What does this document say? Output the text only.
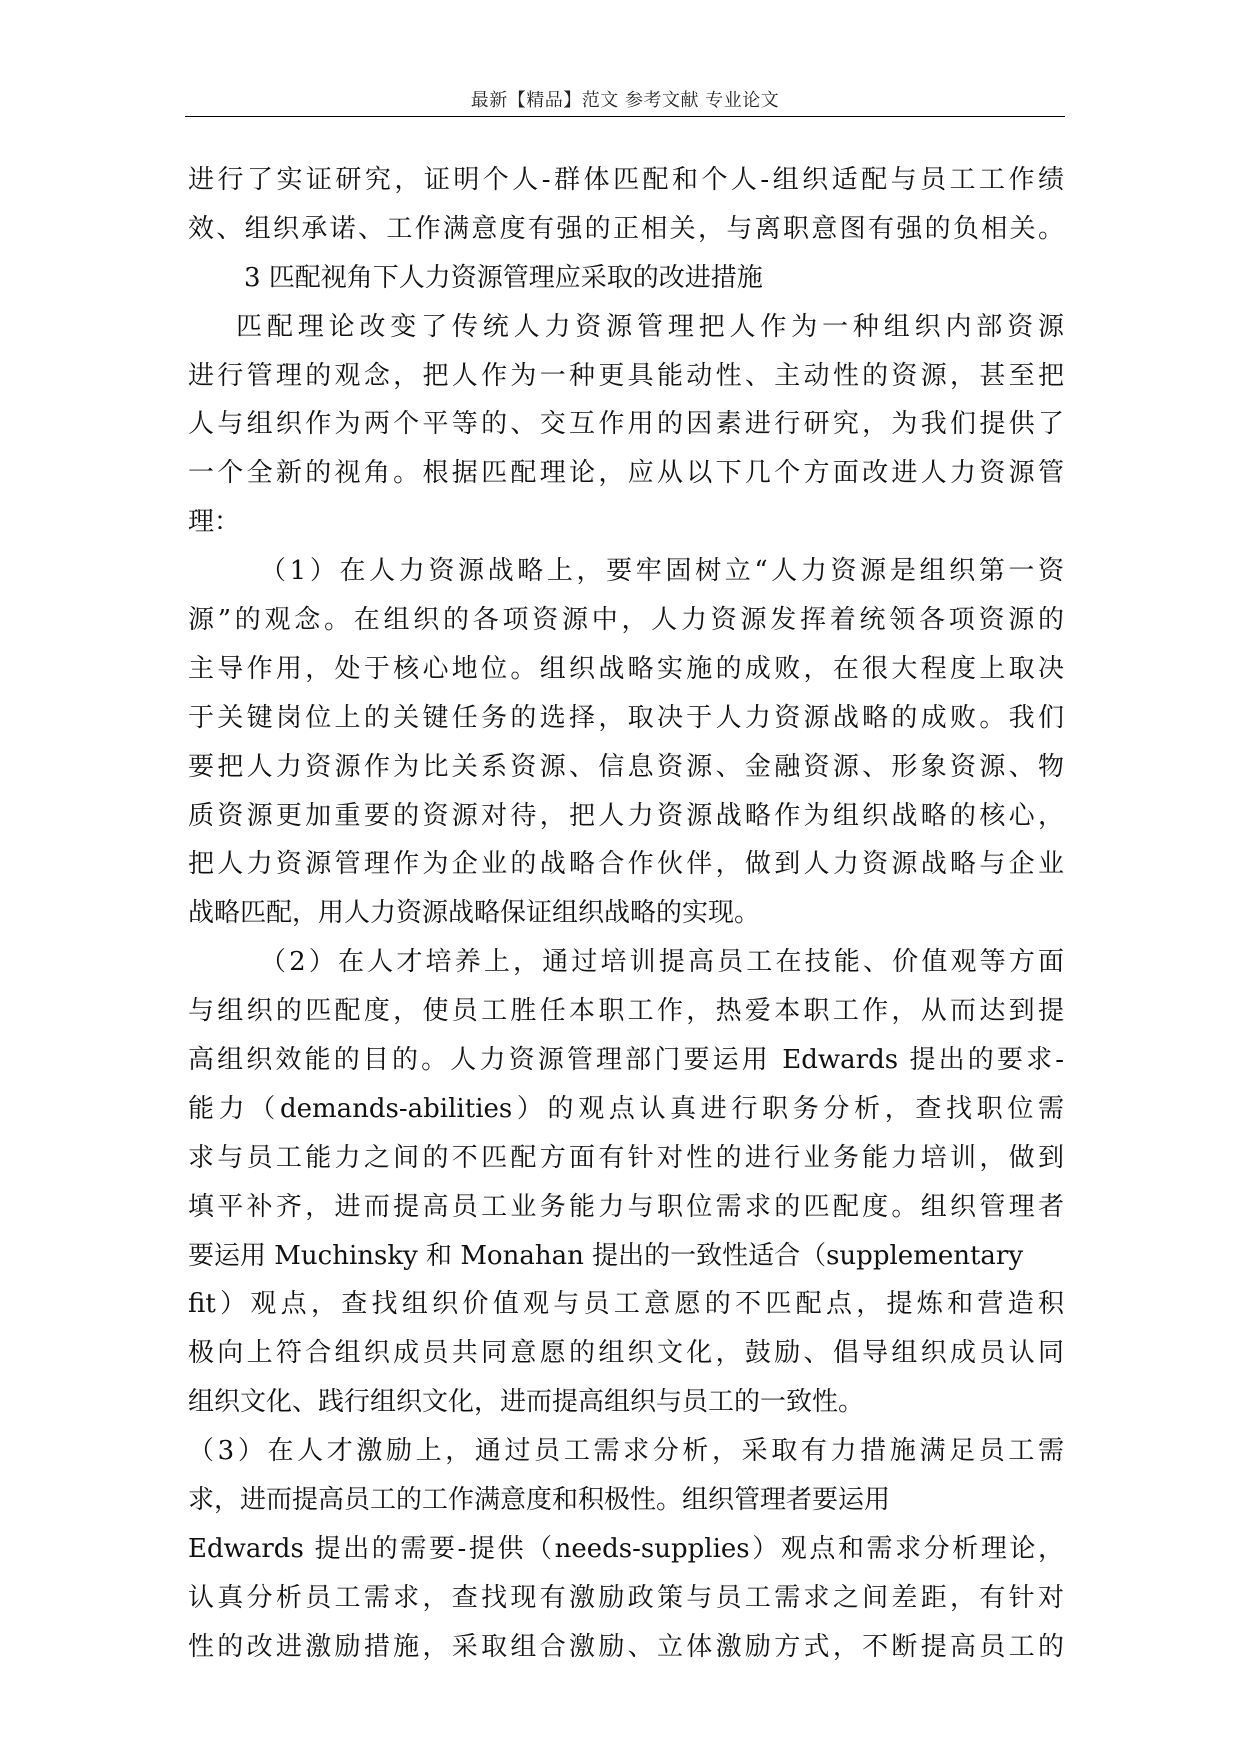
最新【精品】范文 参考文献 专业论文
进行了实证研究，证明个人-群体匹配和个人-组织适配与员工工作绩
效、组织承诺、工作满意度有强的正相关，与离职意图有强的负相关。
3 匹配视角下人力资源管理应采取的改进措施
匹配理论改变了传统人力资源管理把人作为一种组织内部资源
进行管理的观念，把人作为一种更具能动性、主动性的资源，甚至把
人与组织作为两个平等的、交互作用的因素进行研究，为我们提供了
一个全新的视角。根据匹配理论，应从以下几个方面改进人力资源管
理：
（1）在人力资源战略上，要牢固树立“人力资源是组织第一资
源”的观念。在组织的各项资源中，人力资源发挥着统领各项资源的
主导作用，处于核心地位。组织战略实施的成败，在很大程度上取决
于关键岗位上的关键任务的选择，取决于人力资源战略的成败。我们
要把人力资源作为比关系资源、信息资源、金融资源、形象资源、物
质资源更加重要的资源对待，把人力资源战略作为组织战略的核心，
把人力资源管理作为企业的战略合作伙伴，做到人力资源战略与企业
战略匹配，用人力资源战略保证组织战略的实现。
（2）在人才培养上，通过培训提高员工在技能、价值观等方面
与组织的匹配度，使员工胜任本职工作，热爱本职工作，从而达到提
高组织效能的目的。人力资源管理部门要运用 Edwards 提出的要求-
能力（demands-abilities）的观点认真进行职务分析，查找职位需
求与员工能力之间的不匹配方面有针对性的进行业务能力培训，做到
填平补齐，进而提高员工业务能力与职位需求的匹配度。组织管理者
要运用 Muchinsky 和 Monahan 提出的一致性适合（supplementary
fit）观点，查找组织价值观与员工意愿的不匹配点，提炼和营造积
极向上符合组织成员共同意愿的组织文化，鼓励、倡导组织成员认同
组织文化、践行组织文化，进而提高组织与员工的一致性。
（3）在人才激励上，通过员工需求分析，采取有力措施满足员工需
求，进而提高员工的工作满意度和积极性。组织管理者要运用
Edwards 提出的需要-提供（needs-supplies）观点和需求分析理论，
认真分析员工需求，查找现有激励政策与员工需求之间差距，有针对
性的改进激励措施，采取组合激励、立体激励方式，不断提高员工的
